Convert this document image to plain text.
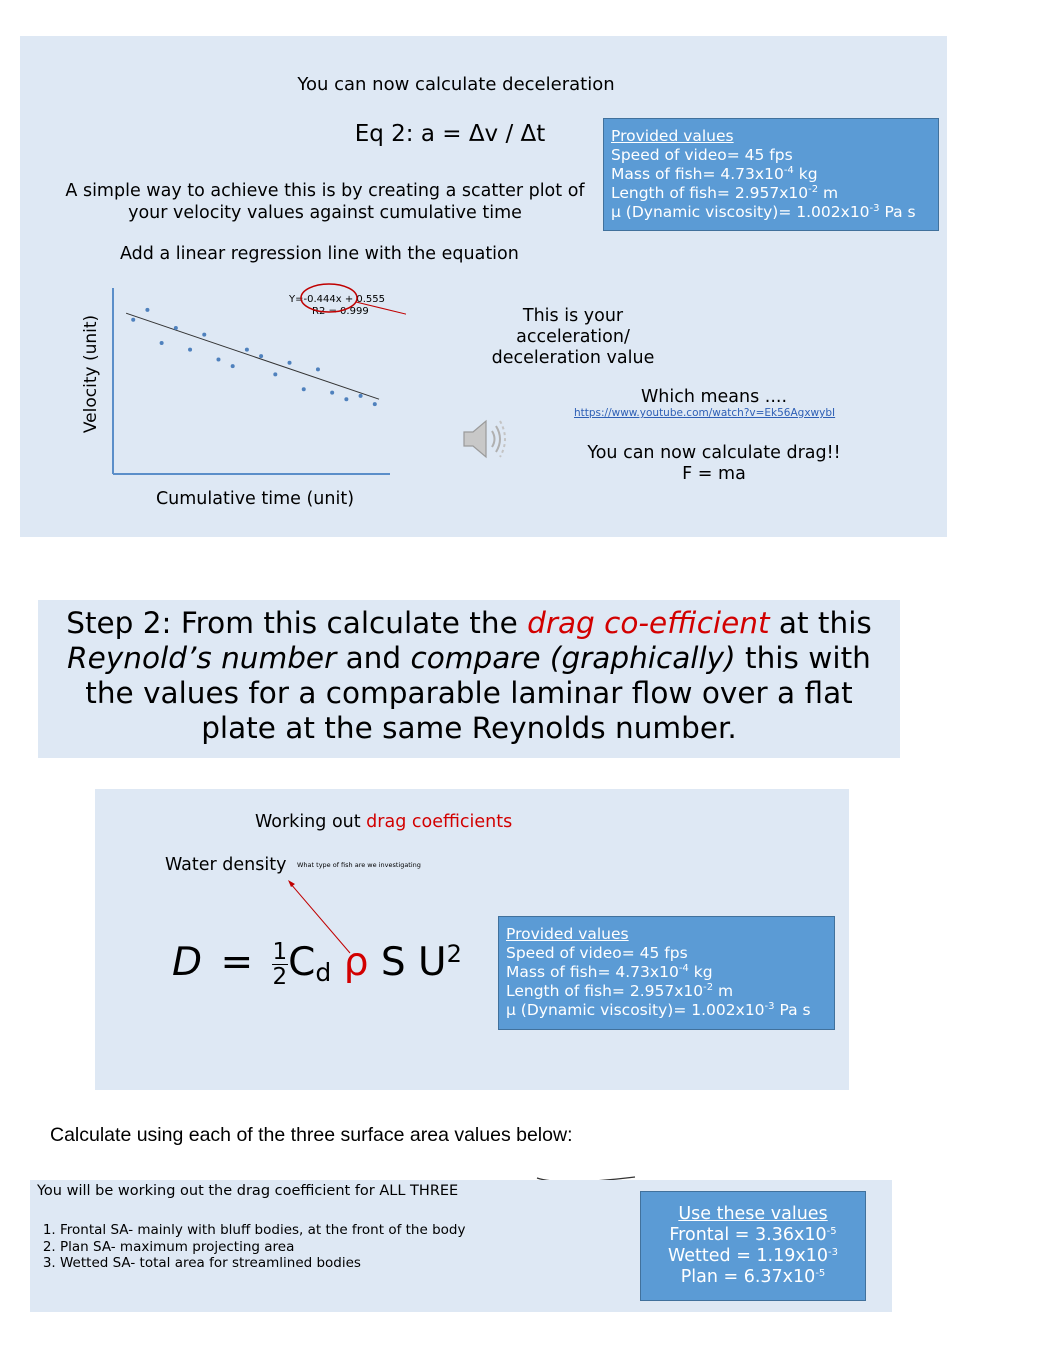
You can now calculate deceleration
Eq 2: a = Δv / Δt
A simple way to achieve this is by creating a scatter plot of
your velocity values against cumulative time
Add a linear regression line with the equation
Provided values
Speed of video= 45 fps
Mass of fish= $4.73x10^{-4}$ kg
Length of fish= $2.957x10^{-2}$ m
μ (Dynamic viscosity)= $1.002x10^{-3}$ Pa s
Velocity (unit)
Cumulative time (unit)
Y=-0.444x + 0.555
R2 = 0.999	This is your
acceleration/
deceleration value
Which means ....
https://www.youtube.com/watch?v=Ek56AgxwybI
You can now calculate drag!!
F = ma
Step 2: From this calculate the drag co-efficient at this
Reynold’s number and compare (graphically) this with
the values for a comparable laminar flow over a flat
plate at the same Reynolds number.
Working out drag coefficients
Water density What type of fish are we investigating
$D = \frac{1}{2}$ Cd ρ S $U^2$
Provided values
Speed of video= 45 fps
Mass of fish= $4.73x10^{-4}$ kg
Length of fish= $2.957x10^{-2}$ m
μ (Dynamic viscosity)= $1.002x10^{-3}$ Pa s
Calculate using each of the three surface area values below:
You will be working out the drag coefficient for ALL THREE
1. Frontal SA- mainly with bluff bodies, at the front of the body
2. Plan SA- maximum projecting area
3. Wetted SA- total area for streamlined bodies
Use these values
Frontal = $3.36x10^{-5}$
Wetted = $1.19x10^{-3}$
Plan = $6.37x10^{-5}$
